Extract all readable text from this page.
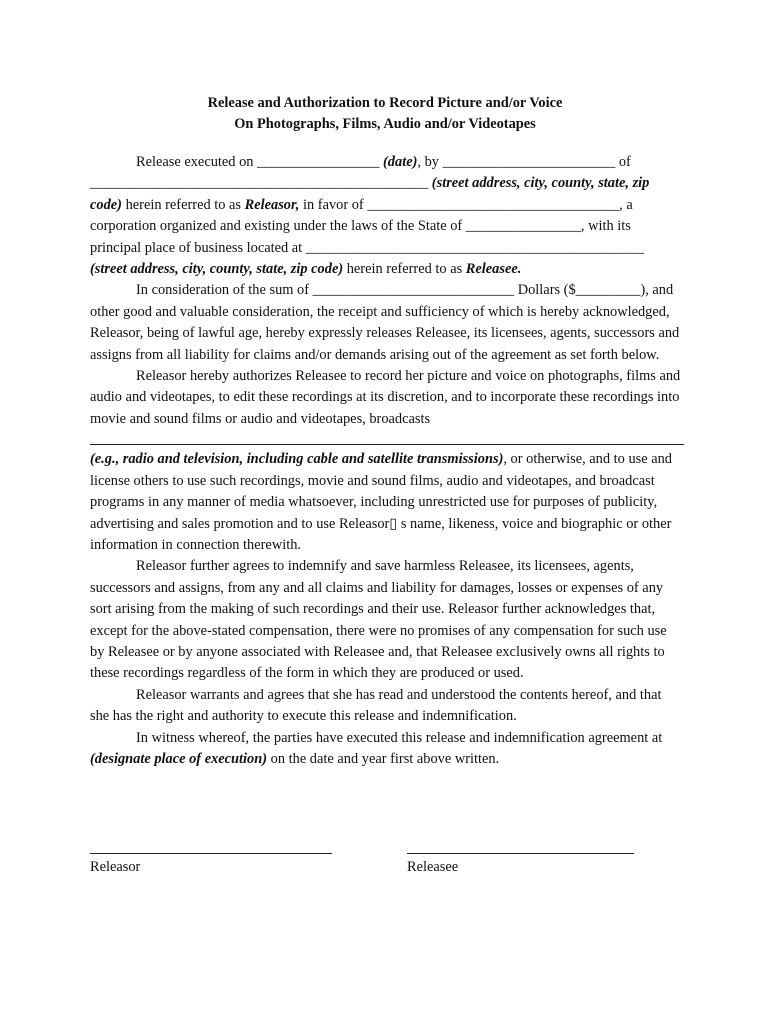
Release and Authorization to Record Picture and/or Voice
On Photographs, Films, Audio and/or Videotapes

Release executed on _________________ (date), by ________________________ of _______________________________________________ (street address, city, county, state, zip code) herein referred to as Releasor, in favor of ___________________________________, a corporation organized and existing under the laws of the State of ________________, with its principal place of business located at _______________________________________________ (street address, city, county, state, zip code) herein referred to as Releasee.

In consideration of the sum of ____________________________ Dollars ($_________), and other good and valuable consideration, the receipt and sufficiency of which is hereby acknowledged, Releasor, being of lawful age, hereby expressly releases Releasee, its licensees, agents, successors and assigns from all liability for claims and/or demands arising out of the agreement as set forth below.

Releasor hereby authorizes Releasee to record her picture and voice on photographs, films and audio and videotapes, to edit these recordings at its discretion, and to incorporate these recordings into movie and sound films or audio and videotapes, broadcasts

(e.g., radio and television, including cable and satellite transmissions), or otherwise, and to use and license others to use such recordings, movie and sound films, audio and videotapes, and broadcast programs in any manner of media whatsoever, including unrestricted use for purposes of publicity, advertising and sales promotion and to use Releasor▯ s name, likeness, voice and biographic or other information in connection therewith.

Releasor further agrees to indemnify and save harmless Releasee, its licensees, agents, successors and assigns, from any and all claims and liability for damages, losses or expenses of any sort arising from the making of such recordings and their use. Releasor further acknowledges that, except for the above-stated compensation, there were no promises of any compensation for such use by Releasee or by anyone associated with Releasee and, that Releasee exclusively owns all rights to these recordings regardless of the form in which they are produced or used.

Releasor warrants and agrees that she has read and understood the contents hereof, and that she has the right and authority to execute this release and indemnification.

In witness whereof, the parties have executed this release and indemnification agreement at (designate place of execution) on the date and year first above written.

Releasor	Releasee
